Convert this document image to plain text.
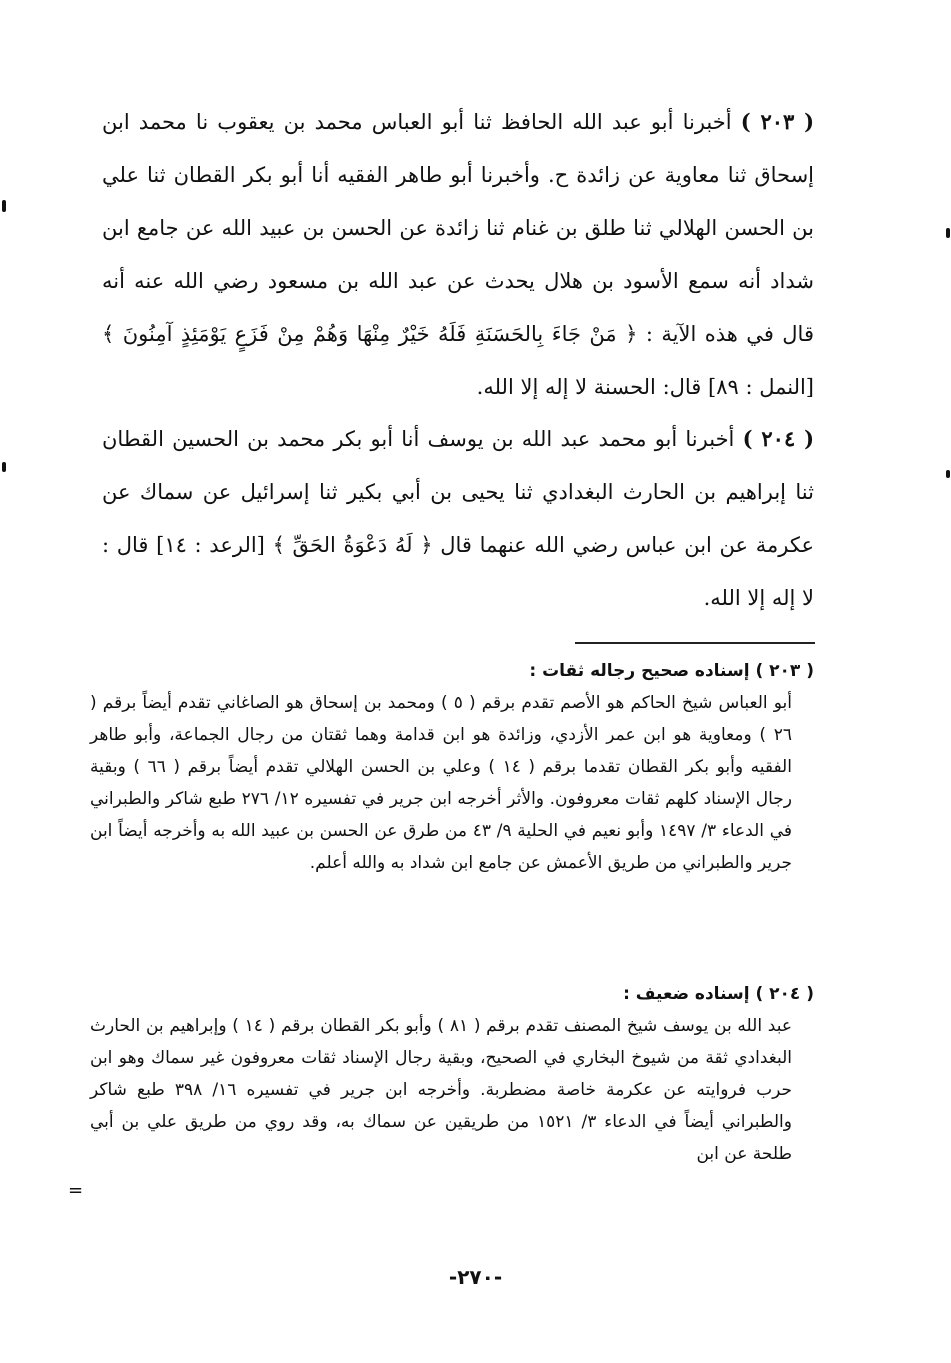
( ٢٠٣ ) أخبرنا أبو عبد الله الحافظ ثنا أبو العباس محمد بن يعقوب نا محمد ابن إسحاق ثنا معاوية عن زائدة ح. وأخبرنا أبو طاهر الفقيه أنا أبو بكر القطان ثنا علي بن الحسن الهلالي ثنا طلق بن غنام ثنا زائدة عن الحسن بن عبيد الله عن جامع ابن شداد أنه سمع الأسود بن هلال يحدث عن عبد الله بن مسعود رضي الله عنه أنه قال في هذه الآية : ﴿ مَنْ جَاءَ بِالحَسَنَةِ فَلَهُ خَيْرٌ مِنْهَا وَهُمْ مِنْ فَزَعٍ يَوْمَئِذٍ آمِنُونَ ﴾ [النمل : ٨٩] قال: الحسنة لا إله إلا الله.

( ٢٠٤ ) أخبرنا أبو محمد عبد الله بن يوسف أنا أبو بكر محمد بن الحسين القطان ثنا إبراهيم بن الحارث البغدادي ثنا يحيى بن أبي بكير ثنا إسرائيل عن سماك عن عكرمة عن ابن عباس رضي الله عنهما قال ﴿ لَهُ دَعْوَةُ الحَقِّ ﴾ [الرعد : ١٤] قال : لا إله إلا الله.

( ٢٠٣ ) إسناده صحيح رجاله ثقات :

أبو العباس شيخ الحاكم هو الأصم تقدم برقم ( ٥ ) ومحمد بن إسحاق هو الصاغاني تقدم أيضاً برقم ( ٢٦ ) ومعاوية هو ابن عمر الأزدي، وزائدة هو ابن قدامة وهما ثقتان من رجال الجماعة، وأبو طاهر الفقيه وأبو بكر القطان تقدما برقم ( ١٤ ) وعلي بن الحسن الهلالي تقدم أيضاً برقم ( ٦٦ ) وبقية رجال الإسناد كلهم ثقات معروفون. والأثر أخرجه ابن جرير في تفسيره ١٢/ ٢٧٦ طبع شاكر والطبراني في الدعاء ٣/ ١٤٩٧ وأبو نعيم في الحلية ٩/ ٤٣ من طرق عن الحسن بن عبيد الله به وأخرجه أيضاً ابن جرير والطبراني من طريق الأعمش عن جامع ابن شداد به والله أعلم.

( ٢٠٤ ) إسناده ضعيف :

عبد الله بن يوسف شيخ المصنف تقدم برقم ( ٨١ ) وأبو بكر القطان برقم ( ١٤ ) وإبراهيم بن الحارث البغدادي ثقة من شيوخ البخاري في الصحيح، وبقية رجال الإسناد ثقات معروفون غير سماك وهو ابن حرب فروايته عن عكرمة خاصة مضطربة. وأخرجه ابن جرير في تفسيره ١٦/ ٣٩٨ طبع شاكر والطبراني أيضاً في الدعاء ٣/ ١٥٢١ من طريقين عن سماك به، وقد روي من طريق علي بن أبي طلحة عن ابن

=
-٢٧٠-
